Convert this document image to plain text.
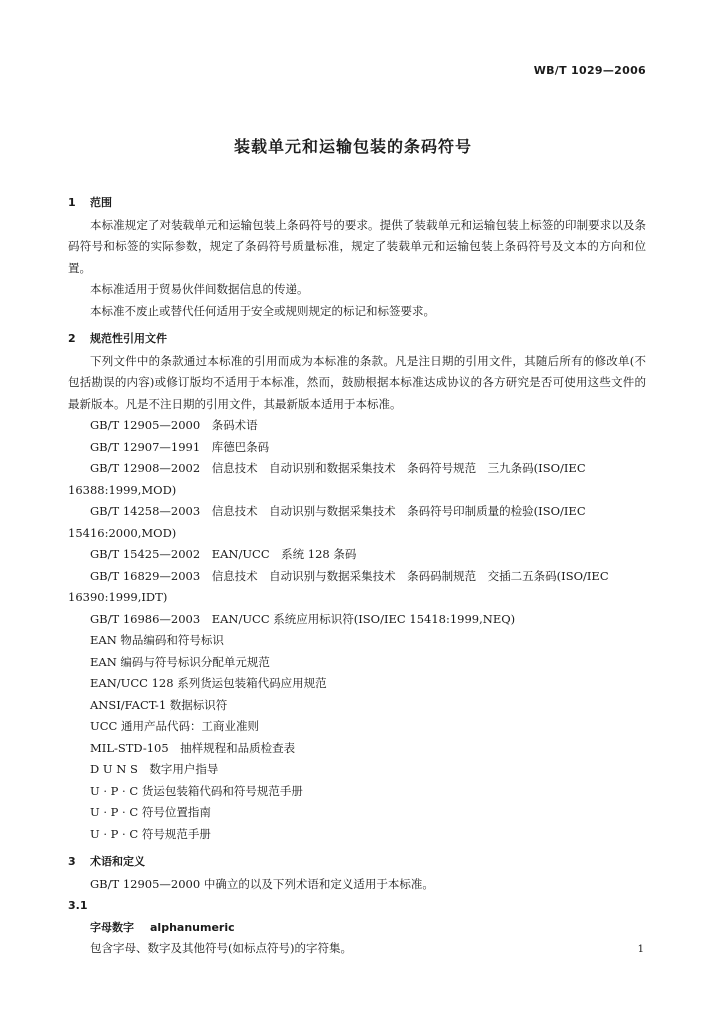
WB/T 1029—2006
装载单元和运输包装的条码符号
1 范围

本标准规定了对装载单元和运输包装上条码符号的要求。提供了装载单元和运输包装上标签的印制要求以及条码符号和标签的实际参数，规定了条码符号质量标准，规定了装载单元和运输包装上条码符号及文本的方向和位置。

本标准适用于贸易伙伴间数据信息的传递。

本标准不废止或替代任何适用于安全或规则规定的标记和标签要求。

2 规范性引用文件

下列文件中的条款通过本标准的引用而成为本标准的条款。凡是注日期的引用文件，其随后所有的修改单(不包括勘误的内容)或修订版均不适用于本标准，然而，鼓励根据本标准达成协议的各方研究是否可使用这些文件的最新版本。凡是不注日期的引用文件，其最新版本适用于本标准。

GB/T 12905—2000　条码术语

GB/T 12907—1991　库德巴条码

GB/T 12908—2002　信息技术　自动识别和数据采集技术　条码符号规范　三九条码(ISO/IEC 16388:1999,MOD)

GB/T 14258—2003　信息技术　自动识别与数据采集技术　条码符号印制质量的检验(ISO/IEC 15416:2000,MOD)

GB/T 15425—2002　EAN/UCC　系统 128 条码

GB/T 16829—2003　信息技术　自动识别与数据采集技术　条码码制规范　交插二五条码(ISO/IEC 16390:1999,IDT)

GB/T 16986—2003　EAN/UCC 系统应用标识符(ISO/IEC 15418:1999,NEQ)

EAN 物品编码和符号标识

EAN 编码与符号标识分配单元规范

EAN/UCC 128 系列货运包装箱代码应用规范

ANSI/FACT-1 数据标识符

UCC 通用产品代码：工商业准则

MIL-STD-105　抽样规程和品质检查表

D U N S　数字用户指导

U · P · C 货运包装箱代码和符号规范手册

U · P · C 符号位置指南

U · P · C 符号规范手册

3 术语和定义

GB/T 12905—2000 中确立的以及下列术语和定义适用于本标准。

3.1

字母数字 alphanumeric

包含字母、数字及其他符号(如标点符号)的字符集。	1
